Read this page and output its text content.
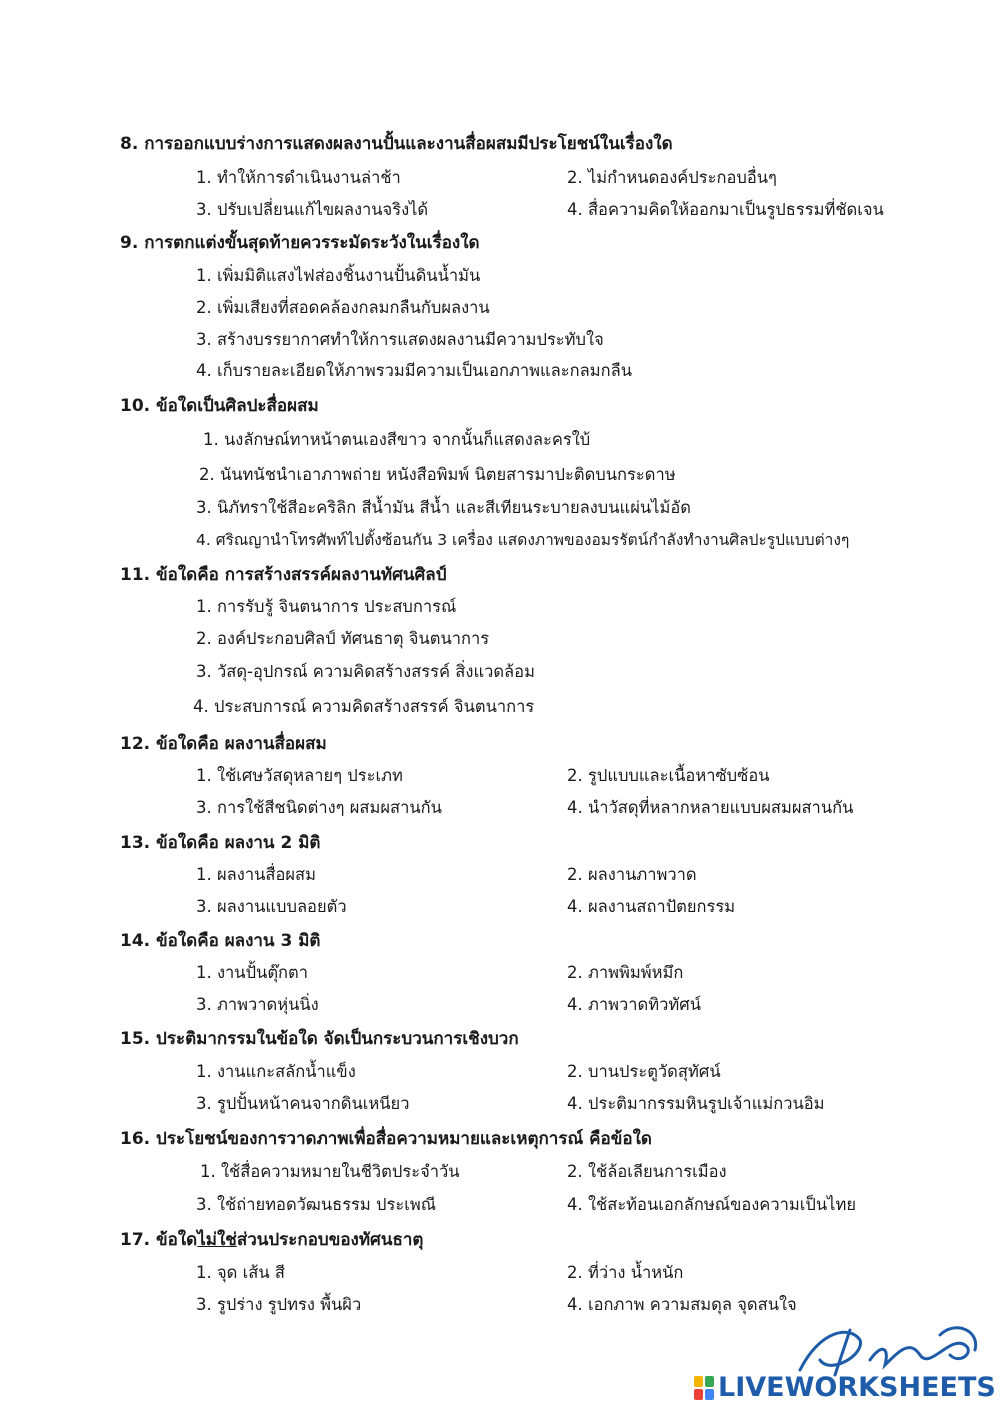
8. การออกแบบร่างการแสดงผลงานปั้นและงานสื่อผสมมีประโยชน์ในเรื่องใด
1. ทำให้การดำเนินงานล่าช้า	2. ไม่กำหนดองค์ประกอบอื่นๆ
3. ปรับเปลี่ยนแก้ไขผลงานจริงได้	4. สื่อความคิดให้ออกมาเป็นรูปธรรมที่ชัดเจน
9. การตกแต่งขั้นสุดท้ายควรระมัดระวังในเรื่องใด
1. เพิ่มมิติแสงไฟส่องชิ้นงานปั้นดินน้ำมัน
2. เพิ่มเสียงที่สอดคล้องกลมกลืนกับผลงาน
3. สร้างบรรยากาศทำให้การแสดงผลงานมีความประทับใจ
4. เก็บรายละเอียดให้ภาพรวมมีความเป็นเอกภาพและกลมกลืน
10. ข้อใดเป็นศิลปะสื่อผสม
1. นงลักษณ์ทาหน้าตนเองสีขาว จากนั้นก็แสดงละครใบ้
2. นันทนัชนำเอาภาพถ่าย หนังสือพิมพ์ นิตยสารมาปะติดบนกระดาษ
3. นิภัทราใช้สีอะคริลิก สีน้ำมัน สีน้ำ และสีเทียนระบายลงบนแผ่นไม้อัด
4. ศริณญานำโทรศัพท์ไปตั้งซ้อนกัน 3 เครื่อง แสดงภาพของอมรรัตน์กำลังทำงานศิลปะรูปแบบต่างๆ
11. ข้อใดคือ การสร้างสรรค์ผลงานทัศนศิลป์
1. การรับรู้ จินตนาการ ประสบการณ์
2. องค์ประกอบศิลป์ ทัศนธาตุ จินตนาการ
3. วัสดุ-อุปกรณ์ ความคิดสร้างสรรค์ สิ่งแวดล้อม
4. ประสบการณ์ ความคิดสร้างสรรค์ จินตนาการ
12. ข้อใดคือ ผลงานสื่อผสม
1. ใช้เศษวัสดุหลายๆ ประเภท	2. รูปแบบและเนื้อหาซับซ้อน
3. การใช้สีชนิดต่างๆ ผสมผสานกัน	4. นำวัสดุที่หลากหลายแบบผสมผสานกัน
13. ข้อใดคือ ผลงาน 2 มิติ
1. ผลงานสื่อผสม	2. ผลงานภาพวาด
3. ผลงานแบบลอยตัว	4. ผลงานสถาปัตยกรรม
14. ข้อใดคือ ผลงาน 3 มิติ
1. งานปั้นตุ๊กตา	2. ภาพพิมพ์หมึก
3. ภาพวาดหุ่นนิ่ง	4. ภาพวาดทิวทัศน์
15. ประติมากรรมในข้อใด จัดเป็นกระบวนการเชิงบวก
1. งานแกะสลักน้ำแข็ง	2. บานประตูวัดสุทัศน์
3. รูปปั้นหน้าคนจากดินเหนียว	4. ประติมากรรมหินรูปเจ้าแม่กวนอิม
16. ประโยชน์ของการวาดภาพเพื่อสื่อความหมายและเหตุการณ์ คือข้อใด
1. ใช้สื่อความหมายในชีวิตประจำวัน	2. ใช้ล้อเลียนการเมือง
3. ใช้ถ่ายทอดวัฒนธรรม ประเพณี	4. ใช้สะท้อนเอกลักษณ์ของความเป็นไทย
17. ข้อใดไม่ใช่ส่วนประกอบของทัศนธาตุ
1. จุด เส้น สี	2. ที่ว่าง น้ำหนัก
3. รูปร่าง รูปทรง พื้นผิว	4. เอกภาพ ความสมดุล จุดสนใจ
LIVEWORKSHEETS
